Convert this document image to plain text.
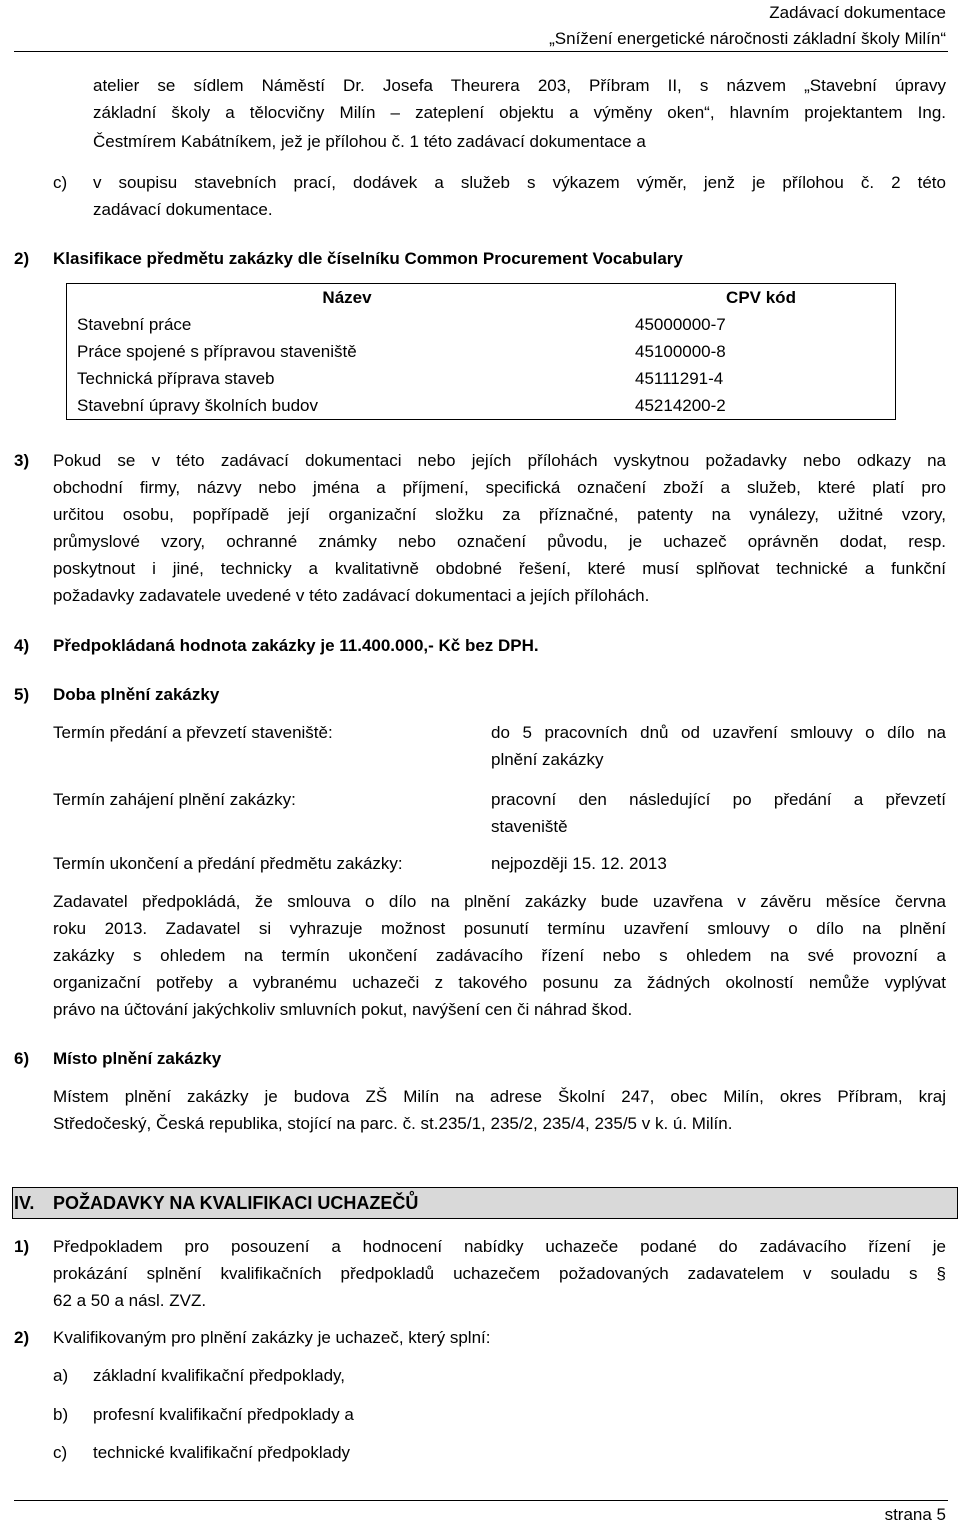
Zadávací dokumentace
„Snížení energetické náročnosti základní školy Milín“
atelier se sídlem Náměstí Dr. Josefa Theurera 203, Příbram II, s názvem „Stavební úpravy
základní školy a tělocvičny Milín – zateplení objektu a výměny oken“, hlavním projektantem Ing.
Čestmírem Kabátníkem, jež je přílohou č. 1 této zadávací dokumentace a
c) v soupisu stavebních prací, dodávek a služeb s výkazem výměr, jenž je přílohou č. 2 této
zadávací dokumentace.
2) Klasifikace předmětu zakázky dle číselníku Common Procurement Vocabulary
Název	CPV kód
Stavební práce	45000000-7
Práce spojené s přípravou staveniště	45100000-8
Technická příprava staveb	45111291-4
Stavební úpravy školních budov	45214200-2
3) Pokud se v této zadávací dokumentaci nebo jejích přílohách vyskytnou požadavky nebo odkazy na
obchodní firmy, názvy nebo jména a příjmení, specifická označení zboží a služeb, které platí pro
určitou osobu, popřípadě její organizační složku za příznačné, patenty na vynálezy, užitné vzory,
průmyslové vzory, ochranné známky nebo označení původu, je uchazeč oprávněn dodat, resp.
poskytnout i jiné, technicky a kvalitativně obdobné řešení, které musí splňovat technické a funkční
požadavky zadavatele uvedené v této zadávací dokumentaci a jejích přílohách.
4) Předpokládaná hodnota zakázky je 11.400.000,- Kč bez DPH.
5) Doba plnění zakázky
Termín předání a převzetí staveniště:	do 5 pracovních dnů od uzavření smlouvy o dílo na
plnění zakázky
Termín zahájení plnění zakázky:	pracovní den následující po předání a převzetí
staveniště
Termín ukončení a předání předmětu zakázky:	nejpozději 15. 12. 2013
Zadavatel předpokládá, že smlouva o dílo na plnění zakázky bude uzavřena v závěru měsíce června
roku 2013. Zadavatel si vyhrazuje možnost posunutí termínu uzavření smlouvy o dílo na plnění
zakázky s ohledem na termín ukončení zadávacího řízení nebo s ohledem na své provozní a
organizační potřeby a vybranému uchazeči z takového posunu za žádných okolností nemůže vyplývat
právo na účtování jakýchkoliv smluvních pokut, navýšení cen či náhrad škod.
6) Místo plnění zakázky
Místem plnění zakázky je budova ZŠ Milín na adrese Školní 247, obec Milín, okres Příbram, kraj
Středočeský, Česká republika, stojící na parc. č. st.235/1, 235/2, 235/4, 235/5 v k. ú. Milín.
IV. POŽADAVKY NA KVALIFIKACI UCHAZEČŮ
1) Předpokladem pro posouzení a hodnocení nabídky uchazeče podané do zadávacího řízení je
prokázání splnění kvalifikačních předpokladů uchazečem požadovaných zadavatelem v souladu s §
62 a 50 a násl. ZVZ.
2) Kvalifikovaným pro plnění zakázky je uchazeč, který splní:
a) základní kvalifikační předpoklady,
b) profesní kvalifikační předpoklady a
c) technické kvalifikační předpoklady
strana 5
